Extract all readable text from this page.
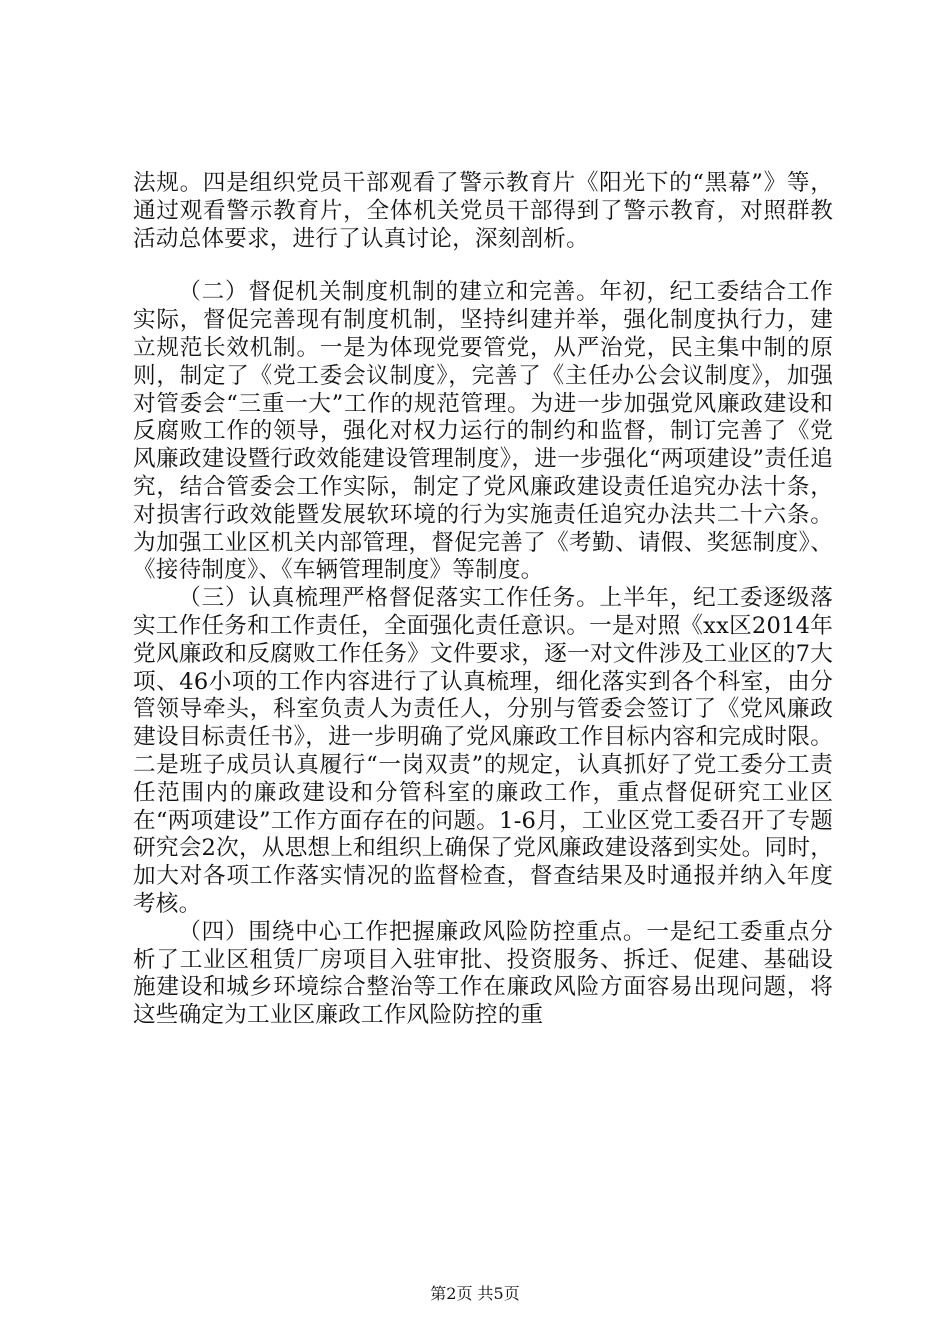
法规。四是组织党员干部观看了警示教育片《阳光下的“黑幕”》等，通过观看警示教育片，全体机关党员干部得到了警示教育，对照群教活动总体要求，进行了认真讨论，深刻剖析。

（二）督促机关制度机制的建立和完善。年初，纪工委结合工作实际，督促完善现有制度机制，坚持纠建并举，强化制度执行力，建立规范长效机制。一是为体现党要管党，从严治党，民主集中制的原则，制定了《党工委会议制度》，完善了《主任办公会议制度》，加强对管委会“三重一大”工作的规范管理。为进一步加强党风廉政建设和反腐败工作的领导，强化对权力运行的制约和监督，制订完善了《党风廉政建设暨行政效能建设管理制度》，进一步强化“两项建设”责任追究，结合管委会工作实际，制定了党风廉政建设责任追究办法十条，对损害行政效能暨发展软环境的行为实施责任追究办法共二十六条。为加强工业区机关内部管理，督促完善了《考勤、请假、奖惩制度》、《接待制度》、《车辆管理制度》等制度。

（三）认真梳理严格督促落实工作任务。上半年，纪工委逐级落实工作任务和工作责任，全面强化责任意识。一是对照《xx区2014年党风廉政和反腐败工作任务》文件要求，逐一对文件涉及工业区的7大项、46小项的工作内容进行了认真梳理，细化落实到各个科室，由分管领导牵头，科室负责人为责任人，分别与管委会签订了《党风廉政建设目标责任书》，进一步明确了党风廉政工作目标内容和完成时限。二是班子成员认真履行“一岗双责”的规定，认真抓好了党工委分工责任范围内的廉政建设和分管科室的廉政工作，重点督促研究工业区在“两项建设”工作方面存在的问题。1-6月，工业区党工委召开了专题研究会2次，从思想上和组织上确保了党风廉政建设落到实处。同时，加大对各项工作落实情况的监督检查，督查结果及时通报并纳入年度考核。

（四）围绕中心工作把握廉政风险防控重点。一是纪工委重点分析了工业区租赁厂房项目入驻审批、投资服务、拆迁、促建、基础设施建设和城乡环境综合整治等工作在廉政风险方面容易出现问题，将这些确定为工业区廉政工作风险防控的重

第2页 共5页
